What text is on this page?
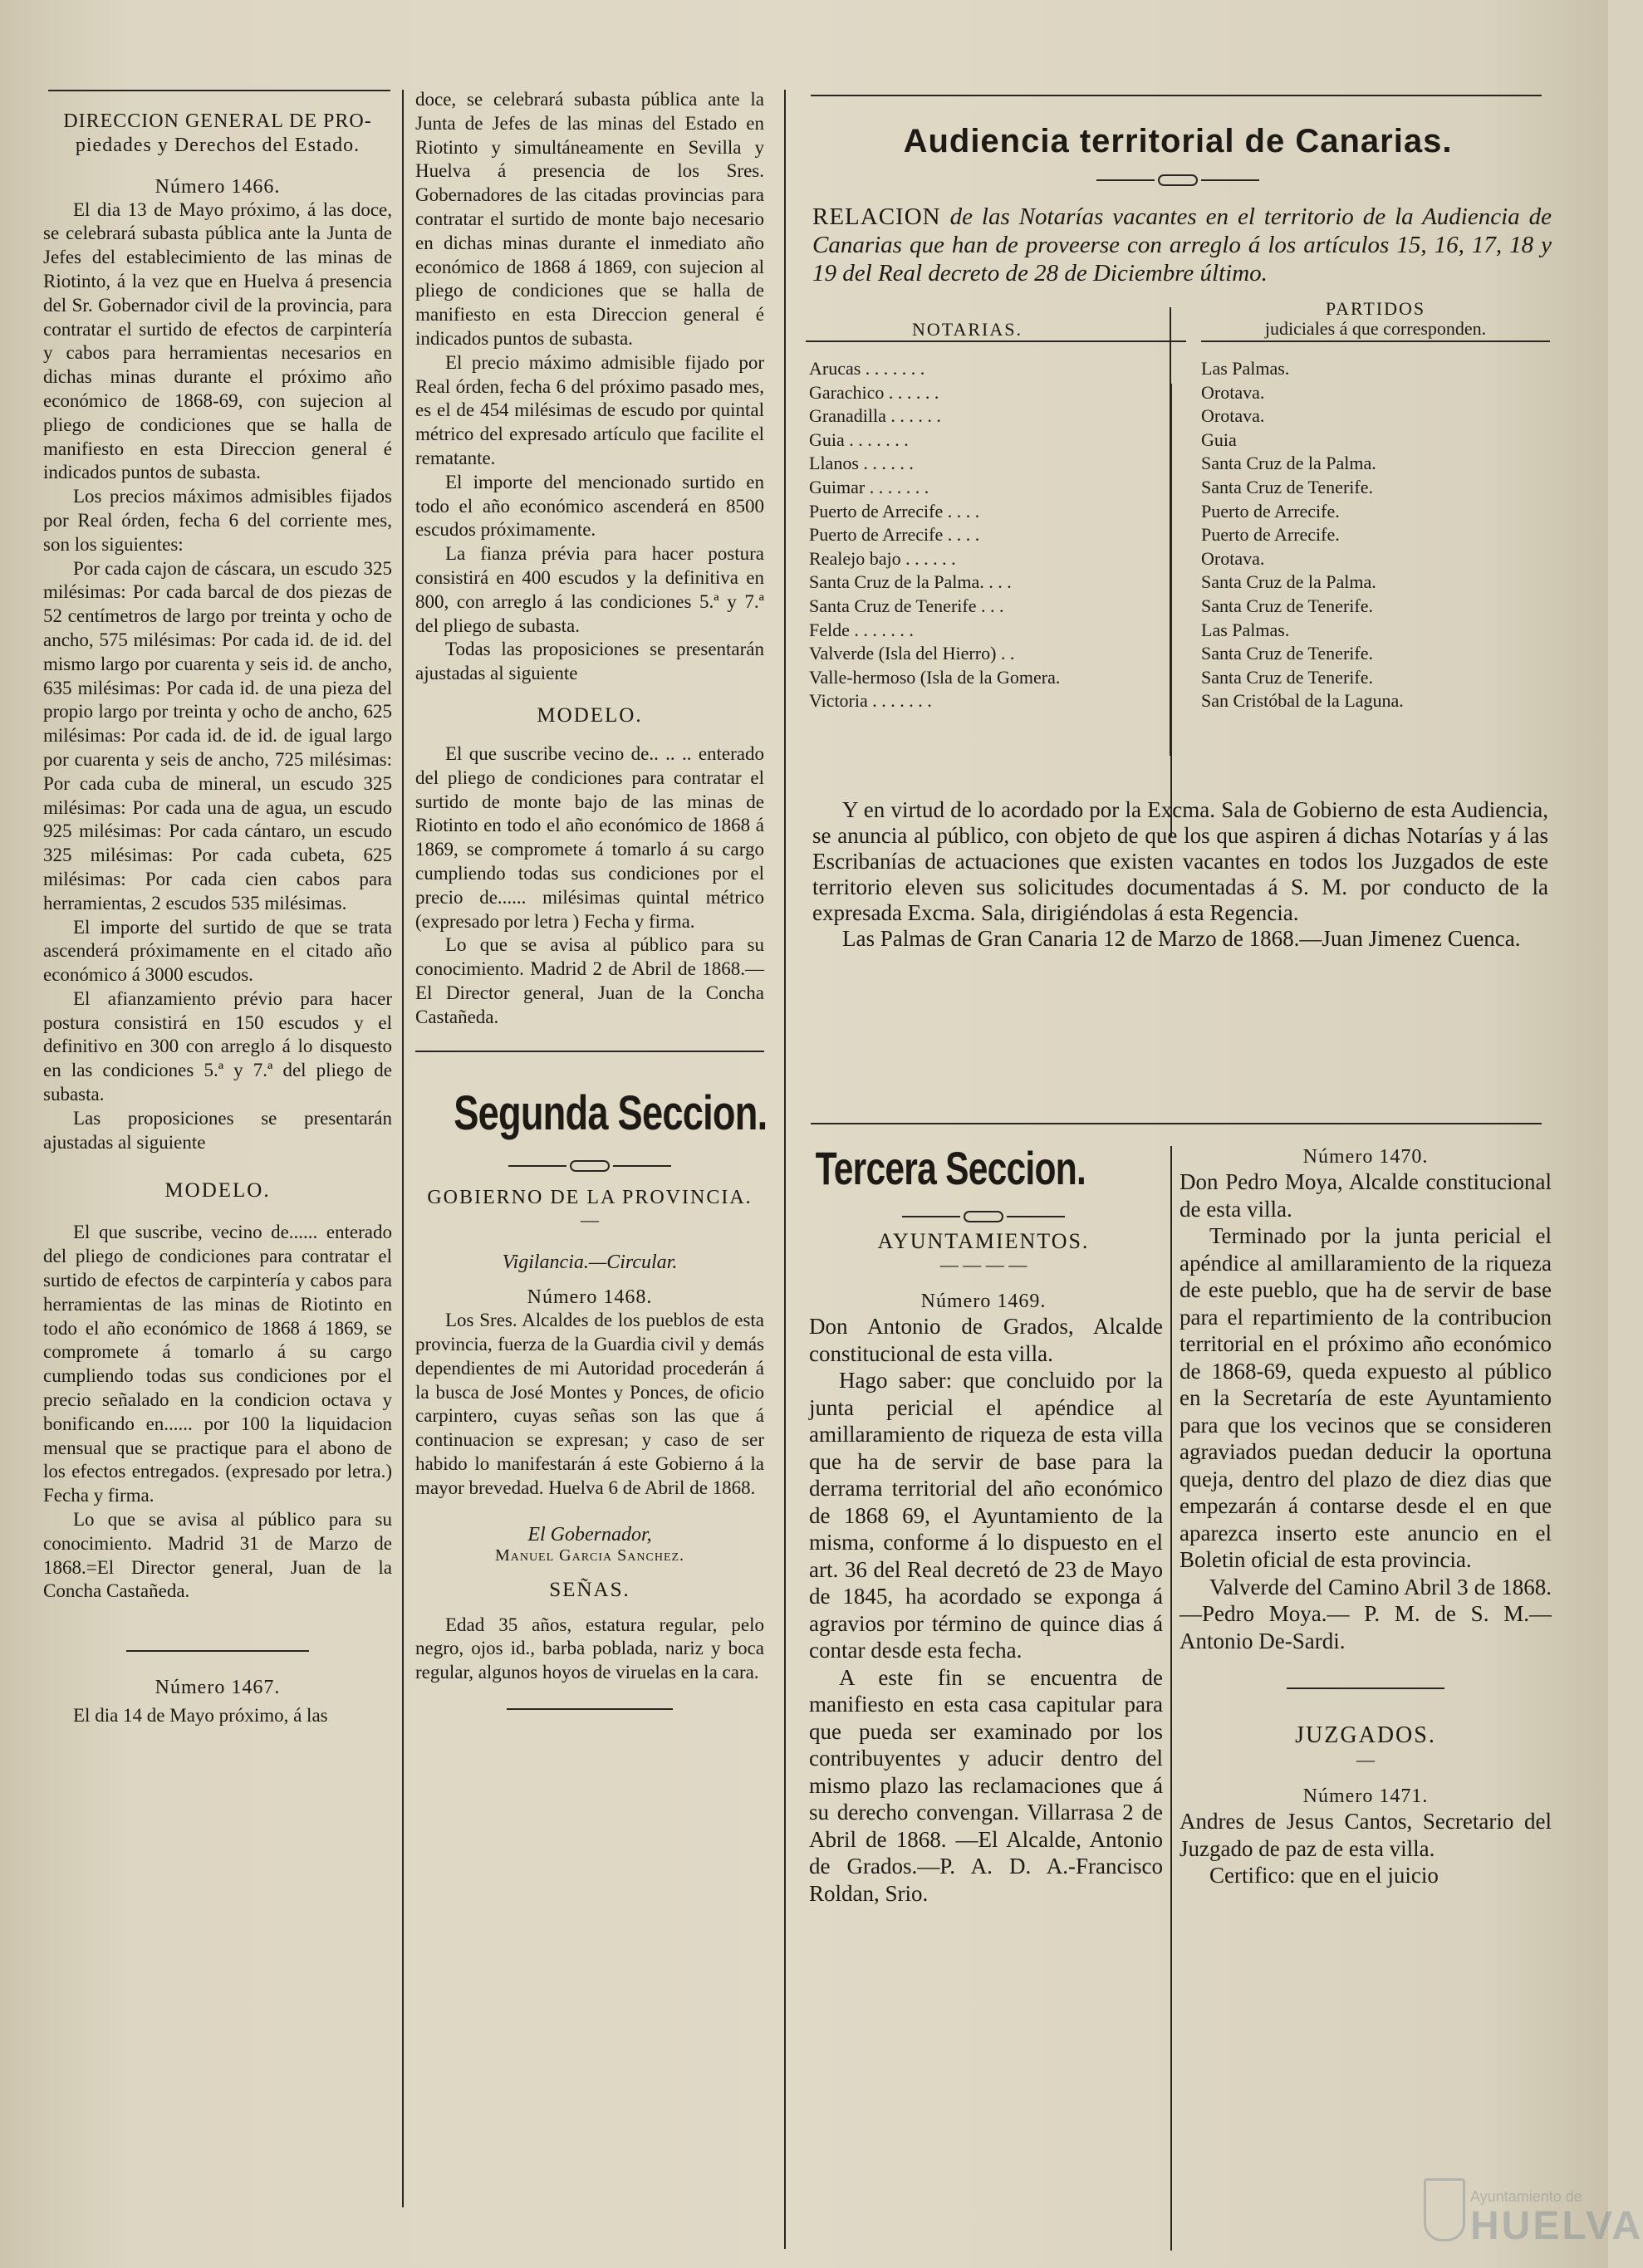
DIRECCION GENERAL DE PRO-
piedades y Derechos del Estado.

Número 1466.

El dia 13 de Mayo próximo, á las doce, se celebrará subasta pública ante la Junta de Jefes del establecimiento de las minas de Riotinto, á la vez que en Huelva á presencia del Sr. Gobernador civil de la provincia, para contratar el surtido de efectos de carpintería y cabos para herramientas necesarios en dichas minas durante el próximo año económico de 1868-69, con sujecion al pliego de condiciones que se halla de manifiesto en esta Direccion general é indicados puntos de subasta.

Los precios máximos admisibles fijados por Real órden, fecha 6 del corriente mes, son los siguientes:

Por cada cajon de cáscara, un escudo 325 milésimas: Por cada barcal de dos piezas de 52 centímetros de largo por treinta y ocho de ancho, 575 milésimas: Por cada id. de id. del mismo largo por cuarenta y seis id. de ancho, 635 milésimas: Por cada id. de una pieza del propio largo por treinta y ocho de ancho, 625 milésimas: Por cada id. de id. de igual largo por cuarenta y seis de ancho, 725 milésimas: Por cada cuba de mineral, un escudo 325 milésimas: Por cada una de agua, un escudo 925 milésimas: Por cada cántaro, un escudo 325 milésimas: Por cada cubeta, 625 milésimas: Por cada cien cabos para herramientas, 2 escudos 535 milésimas.

El importe del surtido de que se trata ascenderá próximamente en el citado año económico á 3000 escudos.

El afianzamiento prévio para hacer postura consistirá en 150 escudos y el definitivo en 300 con arreglo á lo disquesto en las condiciones 5.ª y 7.ª del pliego de subasta.

Las proposiciones se presentarán ajustadas al siguiente

MODELO.

El que suscribe, vecino de...... enterado del pliego de condiciones para contratar el surtido de efectos de carpintería y cabos para herramientas de las minas de Riotinto en todo el año económico de 1868 á 1869, se compromete á tomarlo á su cargo cumpliendo todas sus condiciones por el precio señalado en la condicion octava y bonificando en...... por 100 la liquidacion mensual que se practique para el abono de los efectos entregados. (expresado por letra.) Fecha y firma.

Lo que se avisa al público para su conocimiento. Madrid 31 de Marzo de 1868.=El Director general, Juan de la Concha Castañeda.

Número 1467.

El dia 14 de Mayo próximo, á las

doce, se celebrará subasta pública ante la Junta de Jefes de las minas del Estado en Riotinto y simultáneamente en Sevilla y Huelva á presencia de los Sres. Gobernadores de las citadas provincias para contratar el surtido de monte bajo necesario en dichas minas durante el inmediato año económico de 1868 á 1869, con sujecion al pliego de condiciones que se halla de manifiesto en esta Direccion general é indicados puntos de subasta.

El precio máximo admisible fijado por Real órden, fecha 6 del próximo pasado mes, es el de 454 milésimas de escudo por quintal métrico del expresado artículo que facilite el rematante.

El importe del mencionado surtido en todo el año económico ascenderá en 8500 escudos próximamente.

La fianza prévia para hacer postura consistirá en 400 escudos y la definitiva en 800, con arreglo á las condiciones 5.ª y 7.ª del pliego de subasta.

Todas las proposiciones se presentarán ajustadas al siguiente

MODELO.

El que suscribe vecino de.. .. .. enterado del pliego de condiciones para contratar el surtido de monte bajo de las minas de Riotinto en todo el año económico de 1868 á 1869, se compromete á tomarlo á su cargo cumpliendo todas sus condiciones por el precio de...... milésimas quintal métrico (expresado por letra ) Fecha y firma.

Lo que se avisa al público para su conocimiento. Madrid 2 de Abril de 1868.—El Director general, Juan de la Concha Castañeda.

Segunda Seccion.

GOBIERNO DE LA PROVINCIA.

—

Vigilancia.—Circular.

Número 1468.

Los Sres. Alcaldes de los pueblos de esta provincia, fuerza de la Guardia civil y demás dependientes de mi Autoridad procederán á la busca de José Montes y Ponces, de oficio carpintero, cuyas señas son las que á continuacion se expresan; y caso de ser habido lo manifestarán á este Gobierno á la mayor brevedad. Huelva 6 de Abril de 1868.

El Gobernador,

Manuel Garcia Sanchez.

SEÑAS.

Edad 35 años, estatura regular, pelo negro, ojos id., barba poblada, nariz y boca regular, algunos hoyos de viruelas en la cara.

Audiencia territorial de Canarias.

RELACION de las Notarías vacantes en el territorio de la Audiencia de Canarias que han de proveerse con arreglo á los artículos 15, 16, 17, 18 y 19 del Real decreto de 28 de Diciembre último.

NOTARIAS.

PARTIDOS
judiciales á que corresponden.

Arucas . . . . . . .	Las Palmas.
Garachico . . . . . .	Orotava.
Granadilla . . . . . .	Orotava.
Guia . . . . . . .	Guia
Llanos . . . . . .	Santa Cruz de la Palma.
Guimar . . . . . . .	Santa Cruz de Tenerife.
Puerto de Arrecife . . . .	Puerto de Arrecife.
Puerto de Arrecife . . . .	Puerto de Arrecife.
Realejo bajo . . . . . .	Orotava.
Santa Cruz de la Palma. . . .	Santa Cruz de la Palma.
Santa Cruz de Tenerife . . .	Santa Cruz de Tenerife.
Felde . . . . . . .	Las Palmas.
Valverde (Isla del Hierro) . .	Santa Cruz de Tenerife.
Valle-hermoso (Isla de la Gomera.	Santa Cruz de Tenerife.
Victoria . . . . . . .	San Cristóbal de la Laguna.

Y en virtud de lo acordado por la Excma. Sala de Gobierno de esta Audiencia, se anuncia al público, con objeto de que los que aspiren á dichas Notarías y á las Escribanías de actuaciones que existen vacantes en todos los Juzgados de este territorio eleven sus solicitudes documentadas á S. M. por conducto de la expresada Excma. Sala, dirigiéndolas á esta Regencia.

Las Palmas de Gran Canaria 12 de Marzo de 1868.—Juan Jimenez Cuenca.

Tercera Seccion.

AYUNTAMIENTOS.

— — — —

Número 1469.

Don Antonio de Grados, Alcalde constitucional de esta villa.

Hago saber: que concluido por la junta pericial el apéndice al amillaramiento de riqueza de esta villa que ha de servir de base para la derrama territorial del año económico de 1868 69, el Ayuntamiento de la misma, conforme á lo dispuesto en el art. 36 del Real decretó de 23 de Mayo de 1845, ha acordado se exponga á agravios por término de quince dias á contar desde esta fecha.

A este fin se encuentra de manifiesto en esta casa capitular para que pueda ser examinado por los contribuyentes y aducir dentro del mismo plazo las reclamaciones que á su derecho convengan. Villarrasa 2 de Abril de 1868. —El Alcalde, Antonio de Grados.—P. A. D. A.-Francisco Roldan, Srio.

Número 1470.

Don Pedro Moya, Alcalde constitucional de esta villa.

Terminado por la junta pericial el apéndice al amillaramiento de la riqueza de este pueblo, que ha de servir de base para el repartimiento de la contribucion territorial en el próximo año económico de 1868-69, queda expuesto al público en la Secretaría de este Ayuntamiento para que los vecinos que se consideren agraviados puedan deducir la oportuna queja, dentro del plazo de diez dias que empezarán á contarse desde el en que aparezca inserto este anuncio en el Boletin oficial de esta provincia.

Valverde del Camino Abril 3 de 1868.—Pedro Moya.— P. M. de S. M.—Antonio De-Sardi.

JUZGADOS.

—

Número 1471.

Andres de Jesus Cantos, Secretario del Juzgado de paz de esta villa.

Certifico: que en el juicio

Ayuntamiento de
HUELVA
